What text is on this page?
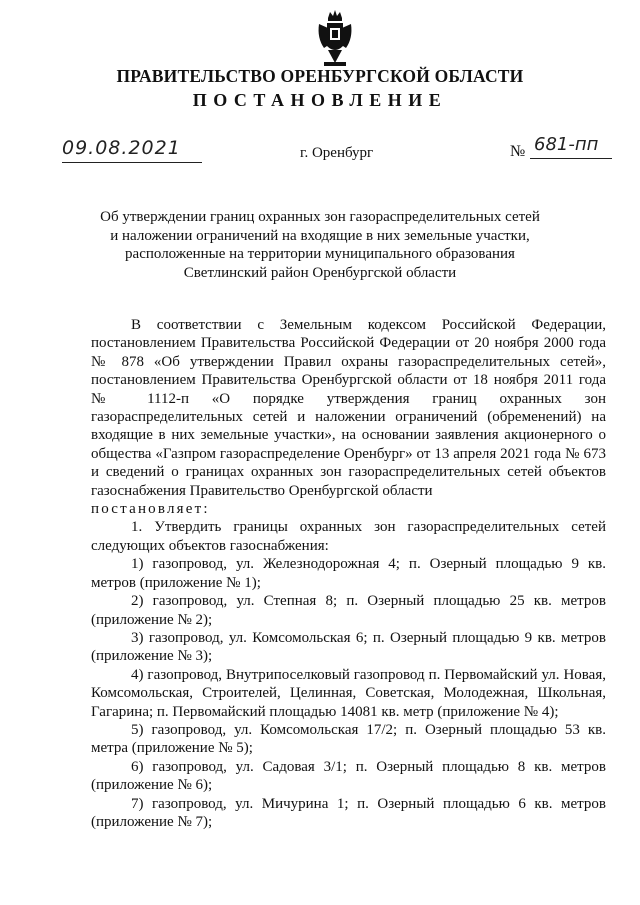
ПРАВИТЕЛЬСТВО ОРЕНБУРГСКОЙ ОБЛАСТИ
ПОСТАНОВЛЕНИЕ
09.08.2021	г. Оренбург	№ 681-пп
Об утверждении границ охранных зон газораспределительных сетей
и наложении ограничений на входящие в них земельные участки,
расположенные на территории муниципального образования
Светлинский район Оренбургской области

В соответствии с Земельным кодексом Российской Федерации, постановлением Правительства Российской Федерации от 20 ноября 2000 года № 878 «Об утверждении Правил охраны газораспределительных сетей», постановлением Правительства Оренбургской области от 18 ноября 2011 года № 1112-п «О порядке утверждения границ охранных зон газораспределительных сетей и наложении ограничений (обременений) на входящие в них земельные участки», на основании заявления акционерного о общества «Газпром газораспределение Оренбург» от 13 апреля 2021 года № 673 и сведений о границах охранных зон газораспределительных сетей объектов газоснабжения Правительство Оренбургской области

постановляет:

1. Утвердить границы охранных зон газораспределительных сетей следующих объектов газоснабжения:

1) газопровод, ул. Железнодорожная 4; п. Озерный площадью 9 кв. метров (приложение № 1);

2) газопровод, ул. Степная 8; п. Озерный площадью 25 кв. метров (приложение № 2);

3) газопровод, ул. Комсомольская 6; п. Озерный площадью 9 кв. метров (приложение № 3);

4) газопровод, Внутрипоселковый газопровод п. Первомайский ул. Новая, Комсомольская, Строителей, Целинная, Советская, Молодежная, Школьная, Гагарина; п. Первомайский площадью 14081 кв. метр (приложение № 4);

5) газопровод, ул. Комсомольская 17/2; п. Озерный площадью 53 кв. метра (приложение № 5);

6) газопровод, ул. Садовая 3/1; п. Озерный площадью 8 кв. метров (приложение № 6);

7) газопровод, ул. Мичурина 1; п. Озерный площадью 6 кв. метров (приложение № 7);
